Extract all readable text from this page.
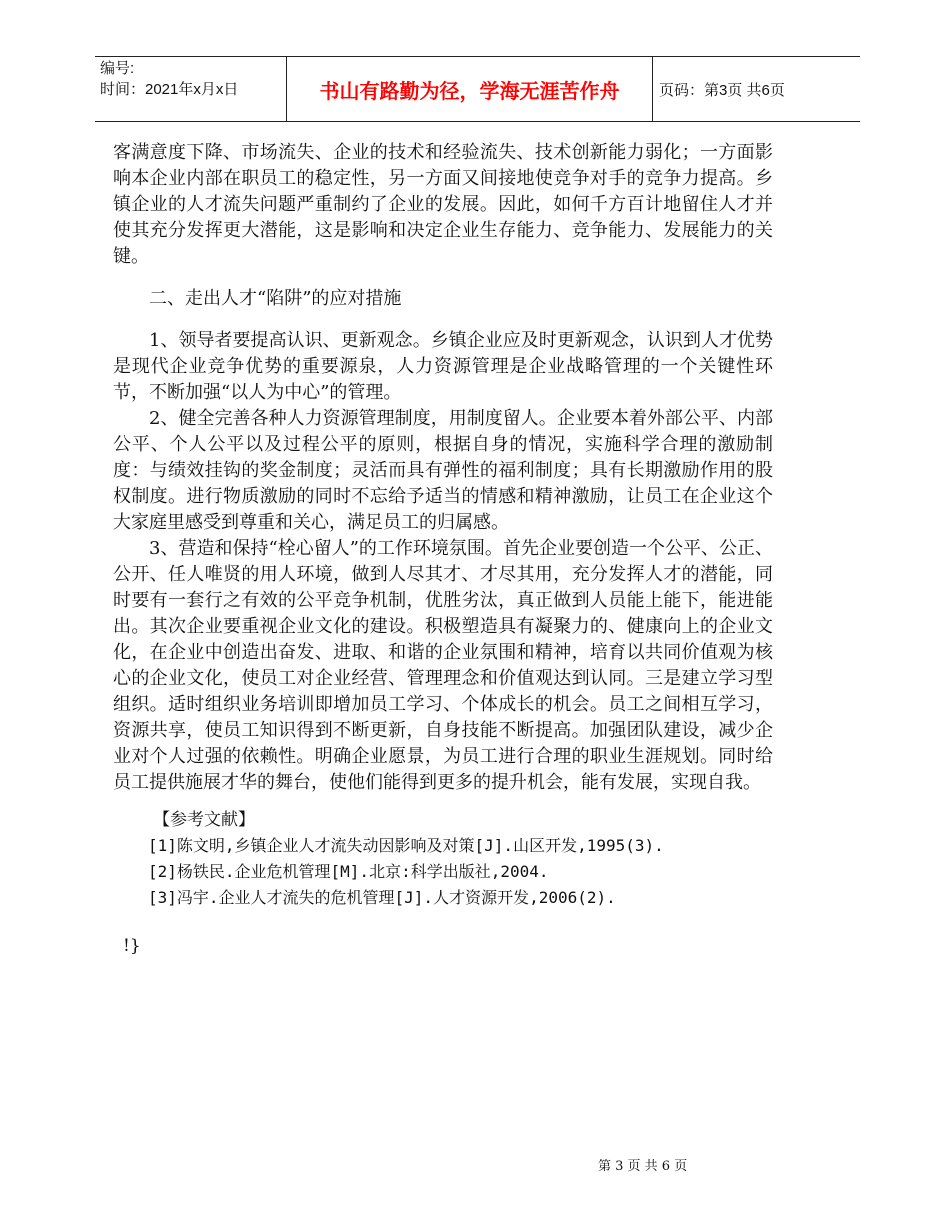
编号:
时间：2021年x月x日	书山有路勤为径，学海无涯苦作舟	页码：第3页 共6页

客满意度下降、市场流失、企业的技术和经验流失、技术创新能力弱化；一方面影响本企业内部在职员工的稳定性，另一方面又间接地使竞争对手的竞争力提高。乡镇企业的人才流失问题严重制约了企业的发展。因此，如何千方百计地留住人才并使其充分发挥更大潜能，这是影响和决定企业生存能力、竞争能力、发展能力的关键。

二、走出人才“陷阱”的应对措施

1、领导者要提高认识、更新观念。乡镇企业应及时更新观念，认识到人才优势是现代企业竞争优势的重要源泉，人力资源管理是企业战略管理的一个关键性环节，不断加强“以人为中心”的管理。

2、健全完善各种人力资源管理制度，用制度留人。企业要本着外部公平、内部公平、个人公平以及过程公平的原则，根据自身的情况，实施科学合理的激励制度：与绩效挂钩的奖金制度；灵活而具有弹性的福利制度；具有长期激励作用的股权制度。进行物质激励的同时不忘给予适当的情感和精神激励，让员工在企业这个大家庭里感受到尊重和关心，满足员工的归属感。

3、营造和保持“栓心留人”的工作环境氛围。首先企业要创造一个公平、公正、公开、任人唯贤的用人环境，做到人尽其才、才尽其用，充分发挥人才的潜能，同时要有一套行之有效的公平竞争机制，优胜劣汰，真正做到人员能上能下，能进能出。其次企业要重视企业文化的建设。积极塑造具有凝聚力的、健康向上的企业文化，在企业中创造出奋发、进取、和谐的企业氛围和精神，培育以共同价值观为核心的企业文化，使员工对企业经营、管理理念和价值观达到认同。三是建立学习型组织。适时组织业务培训即增加员工学习、个体成长的机会。员工之间相互学习，资源共享，使员工知识得到不断更新，自身技能不断提高。加强团队建设，减少企业对个人过强的依赖性。明确企业愿景，为员工进行合理的职业生涯规划。同时给员工提供施展才华的舞台，使他们能得到更多的提升机会，能有发展，实现自我。

【参考文献】
[1]陈文明,乡镇企业人才流失动因影响及对策[J].山区开发,1995(3).
[2]杨铁民.企业危机管理[M].北京:科学出版社,2004.
[3]冯宇.企业人才流失的危机管理[J].人才资源开发,2006(2).
!}
第 3 页 共 6 页
